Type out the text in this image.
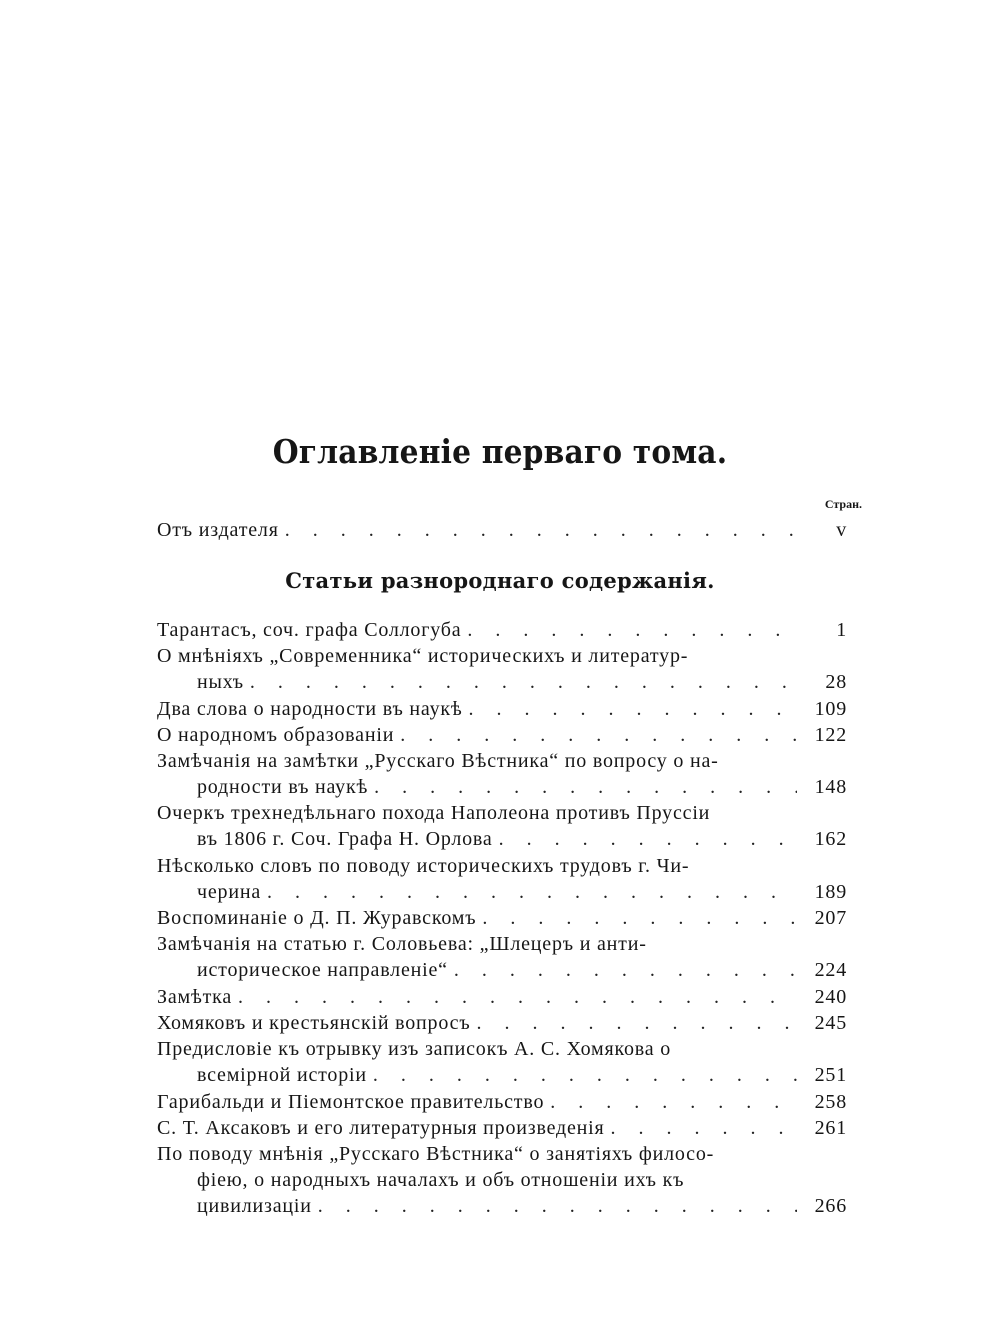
Оглавленіе перваго тома.
Стран.
Отъ издателя . . .	v
Статьи разнороднаго содержанія.
Тарантасъ, соч. графа Соллогуба . . .	1
О мнѣніяхъ „Современника“ историческихъ и литератур-
ныхъ . . .	28
Два слова о народности въ наукѣ . . .	109
О народномъ образованіи . . .	122
Замѣчанія на замѣтки „Русскаго Вѣстника“ по вопросу о на-
родности въ наукѣ . . .	148
Очеркъ трехнедѣльнаго похода Наполеона противъ Пруссіи
въ 1806 г. Соч. Графа Н. Орлова . . .	162
Нѣсколько словъ по поводу историческихъ трудовъ г. Чи-
черина . . .	189
Воспоминаніе о Д. П. Журавскомъ . . .	207
Замѣчанія на статью г. Соловьева: „Шлецеръ и анти-
историческое направленіе“ . . .	224
Замѣтка . . .	240
Хомяковъ и крестьянскій вопросъ . . .	245
Предисловіе къ отрывку изъ записокъ А. С. Хомякова о
всемірной исторіи . . .	251
Гарибальди и Піемонтское правительство . . .	258
С. Т. Аксаковъ и его литературныя произведенія . . .	261
По поводу мнѣнія „Русскаго Вѣстника“ о занятіяхъ филосо-
фіею, о народныхъ началахъ и объ отношеніи ихъ къ
цивилизаціи . . .	266
